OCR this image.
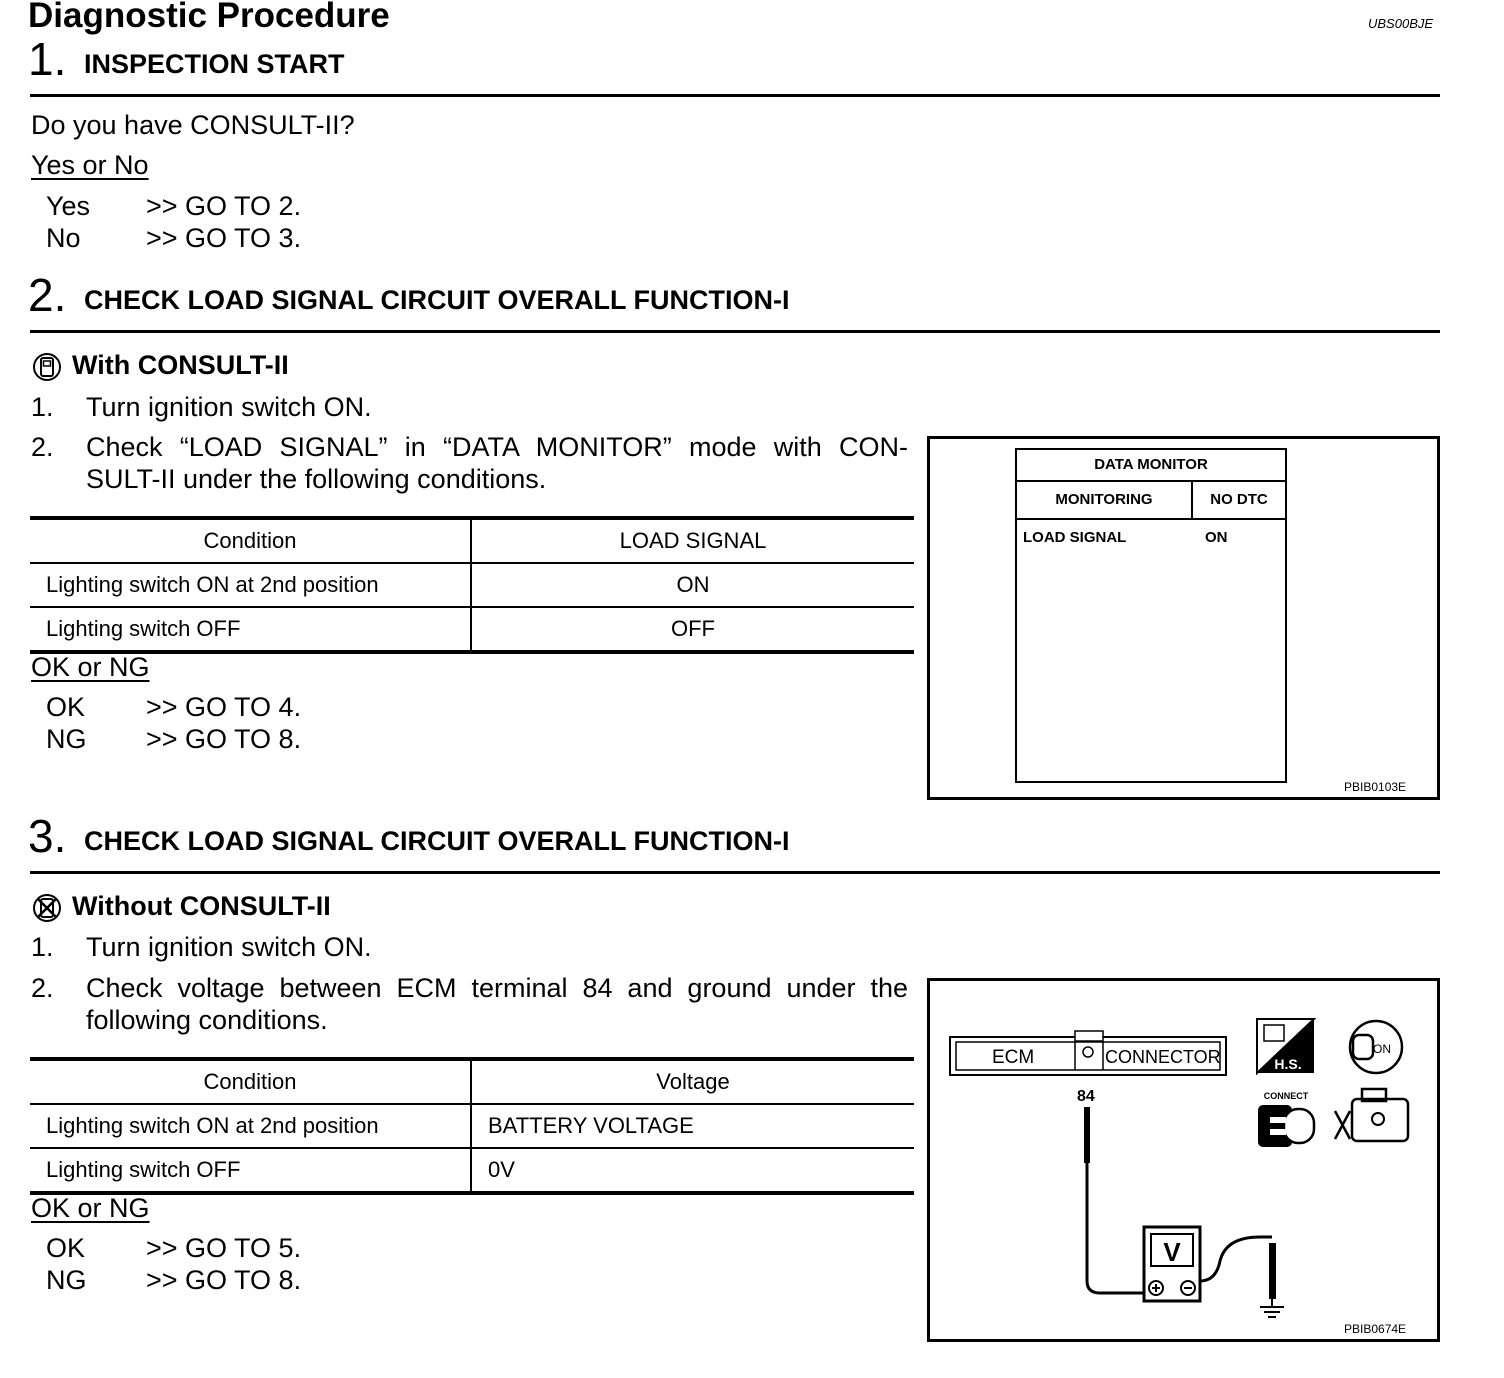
Diagnostic Procedure	UBS00BJE
1. INSPECTION START
Do you have CONSULT-II?
Yes or No
Yes >> GO TO 2.
No >> GO TO 3.
2. CHECK LOAD SIGNAL CIRCUIT OVERALL FUNCTION-I
With CONSULT-II
1. Turn ignition switch ON.
2. Check “LOAD SIGNAL” in “DATA MONITOR” mode with CON-
SULT-II under the following conditions.
Condition	LOAD SIGNAL
Lighting switch ON at 2nd position	ON
Lighting switch OFF	OFF
OK or NG
OK >> GO TO 4.
NG >> GO TO 8.
DATA MONITOR
MONITORING	NO DTC
LOAD SIGNAL	ON
PBIB0103E
3. CHECK LOAD SIGNAL CIRCUIT OVERALL FUNCTION-I
Without CONSULT-II
1. Turn ignition switch ON.
2. Check voltage between ECM terminal 84 and ground under the
following conditions.
Condition	Voltage
Lighting switch ON at 2nd position	BATTERY VOLTAGE
Lighting switch OFF	0V
OK or NG
OK >> GO TO 5.
NG >> GO TO 8.
ECM	CONNECTOR
84
V
H.S.
ON
CONNECT
PBIB0674E
